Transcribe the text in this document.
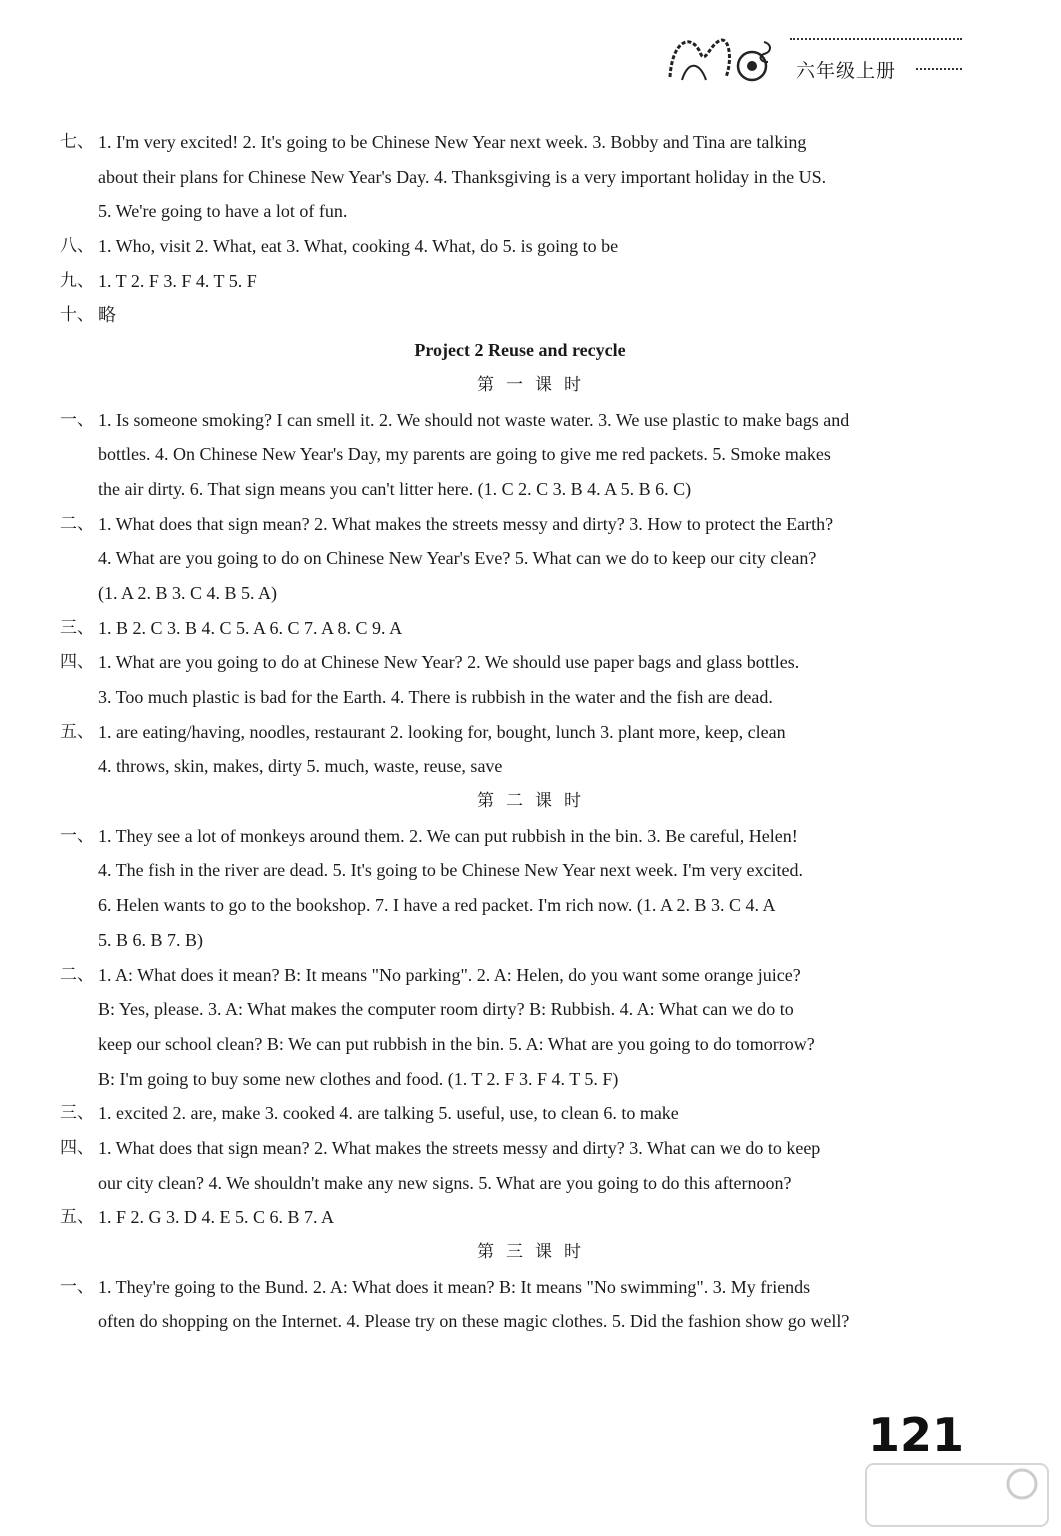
六年级上册
七、 1. I'm very excited! 2. It's going to be Chinese New Year next week. 3. Bobby and Tina are talking
about their plans for Chinese New Year's Day. 4. Thanksgiving is a very important holiday in the US.
5. We're going to have a lot of fun.
八、 1. Who, visit 2. What, eat 3. What, cooking 4. What, do 5. is going to be
九、 1. T 2. F 3. F 4. T 5. F
十、 略
Project 2 Reuse and recycle
第一课时
一、 1. Is someone smoking? I can smell it. 2. We should not waste water. 3. We use plastic to make bags and
bottles. 4. On Chinese New Year's Day, my parents are going to give me red packets. 5. Smoke makes
the air dirty. 6. That sign means you can't litter here. (1. C 2. C 3. B 4. A 5. B 6. C)
二、 1. What does that sign mean? 2. What makes the streets messy and dirty? 3. How to protect the Earth?
4. What are you going to do on Chinese New Year's Eve? 5. What can we do to keep our city clean?
(1. A 2. B 3. C 4. B 5. A)
三、 1. B 2. C 3. B 4. C 5. A 6. C 7. A 8. C 9. A
四、 1. What are you going to do at Chinese New Year? 2. We should use paper bags and glass bottles.
3. Too much plastic is bad for the Earth. 4. There is rubbish in the water and the fish are dead.
五、 1. are eating/having, noodles, restaurant 2. looking for, bought, lunch 3. plant more, keep, clean
4. throws, skin, makes, dirty 5. much, waste, reuse, save
第二课时
一、 1. They see a lot of monkeys around them. 2. We can put rubbish in the bin. 3. Be careful, Helen!
4. The fish in the river are dead. 5. It's going to be Chinese New Year next week. I'm very excited.
6. Helen wants to go to the bookshop. 7. I have a red packet. I'm rich now. (1. A 2. B 3. C 4. A
5. B 6. B 7. B)
二、 1. A: What does it mean? B: It means "No parking". 2. A: Helen, do you want some orange juice?
B: Yes, please. 3. A: What makes the computer room dirty? B: Rubbish. 4. A: What can we do to
keep our school clean? B: We can put rubbish in the bin. 5. A: What are you going to do tomorrow?
B: I'm going to buy some new clothes and food. (1. T 2. F 3. F 4. T 5. F)
三、 1. excited 2. are, make 3. cooked 4. are talking 5. useful, use, to clean 6. to make
四、 1. What does that sign mean? 2. What makes the streets messy and dirty? 3. What can we do to keep
our city clean? 4. We shouldn't make any new signs. 5. What are you going to do this afternoon?
五、 1. F 2. G 3. D 4. E 5. C 6. B 7. A
第三课时
一、 1. They're going to the Bund. 2. A: What does it mean? B: It means "No swimming". 3. My friends
often do shopping on the Internet. 4. Please try on these magic clothes. 5. Did the fashion show go well?
121
